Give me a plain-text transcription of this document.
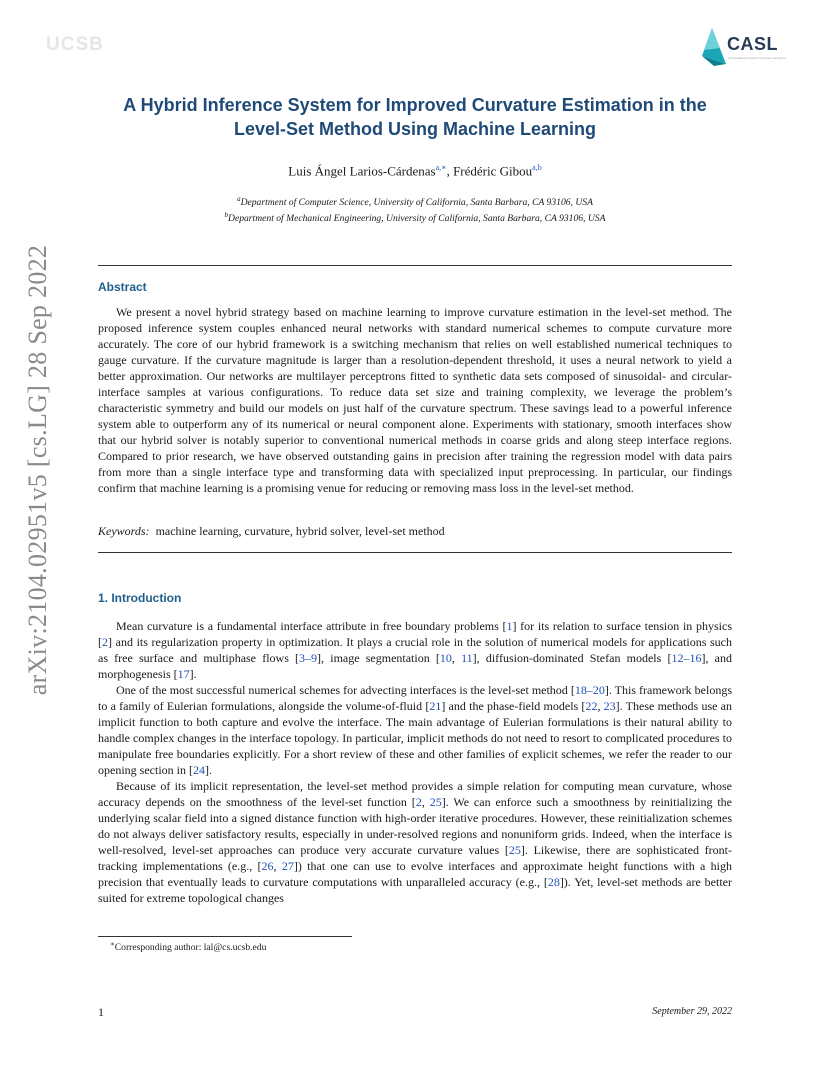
UCSB	CASL
Computational Applied Sciences Laboratory
arXiv:2104.02951v5 [cs.LG] 28 Sep 2022
A Hybrid Inference System for Improved Curvature Estimation in the
Level-Set Method Using Machine Learning
Luis Ángel Larios-Cárdenas$^{a,∗}$, Frédéric Gibou$^{a,b}$
$^a$Department of Computer Science, University of California, Santa Barbara, CA 93106, USA
$^b$Department of Mechanical Engineering, University of California, Santa Barbara, CA 93106, USA
Abstract

We present a novel hybrid strategy based on machine learning to improve curvature estimation in the level-set method. The proposed inference system couples enhanced neural networks with standard numerical schemes to compute curvature more accurately. The core of our hybrid framework is a switching mechanism that relies on well established numerical techniques to gauge curvature. If the curvature magnitude is larger than a resolution-dependent threshold, it uses a neural network to yield a better approximation. Our networks are multilayer perceptrons fitted to synthetic data sets composed of sinusoidal- and circular-interface samples at various configurations. To reduce data set size and training complexity, we leverage the problem’s characteristic symmetry and build our models on just half of the curvature spectrum. These savings lead to a powerful inference system able to outperform any of its numerical or neural component alone. Experiments with stationary, smooth interfaces show that our hybrid solver is notably superior to conventional numerical methods in coarse grids and along steep interface regions. Compared to prior research, we have observed outstanding gains in precision after training the regression model with data pairs from more than a single interface type and transforming data with specialized input preprocessing. In particular, our findings confirm that machine learning is a promising venue for reducing or removing mass loss in the level-set method.

Keywords: machine learning, curvature, hybrid solver, level-set method
1. Introduction

Mean curvature is a fundamental interface attribute in free boundary problems [1] for its relation to surface tension in physics [2] and its regularization property in optimization. It plays a crucial role in the solution of numerical models for applications such as free surface and multiphase flows [3–9], image segmentation [10, 11], diffusion-dominated Stefan models [12–16], and morphogenesis [17].

One of the most successful numerical schemes for advecting interfaces is the level-set method [18–20]. This framework belongs to a family of Eulerian formulations, alongside the volume-of-fluid [21] and the phase-field models [22, 23]. These methods use an implicit function to both capture and evolve the interface. The main advantage of Eulerian formulations is their natural ability to handle complex changes in the interface topology. In particular, implicit methods do not need to resort to complicated procedures to manipulate free boundaries explicitly. For a short review of these and other families of explicit schemes, we refer the reader to our opening section in [24].

Because of its implicit representation, the level-set method provides a simple relation for computing mean curvature, whose accuracy depends on the smoothness of the level-set function [2, 25]. We can enforce such a smoothness by reinitializing the underlying scalar field into a signed distance function with high-order iterative procedures. However, these reinitialization schemes do not always deliver satisfactory results, especially in under-resolved regions and nonuniform grids. Indeed, when the interface is well-resolved, level-set approaches can produce very accurate curvature values [25]. Likewise, there are sophisticated front-tracking implementations (e.g., [26, 27]) that one can use to evolve interfaces and approximate height functions with a high precision that eventually leads to curvature computations with unparalleled accuracy (e.g., [28]). Yet, level-set methods are better suited for extreme topological changes

∗Corresponding author: lal@cs.ucsb.edu
1	September 29, 2022
